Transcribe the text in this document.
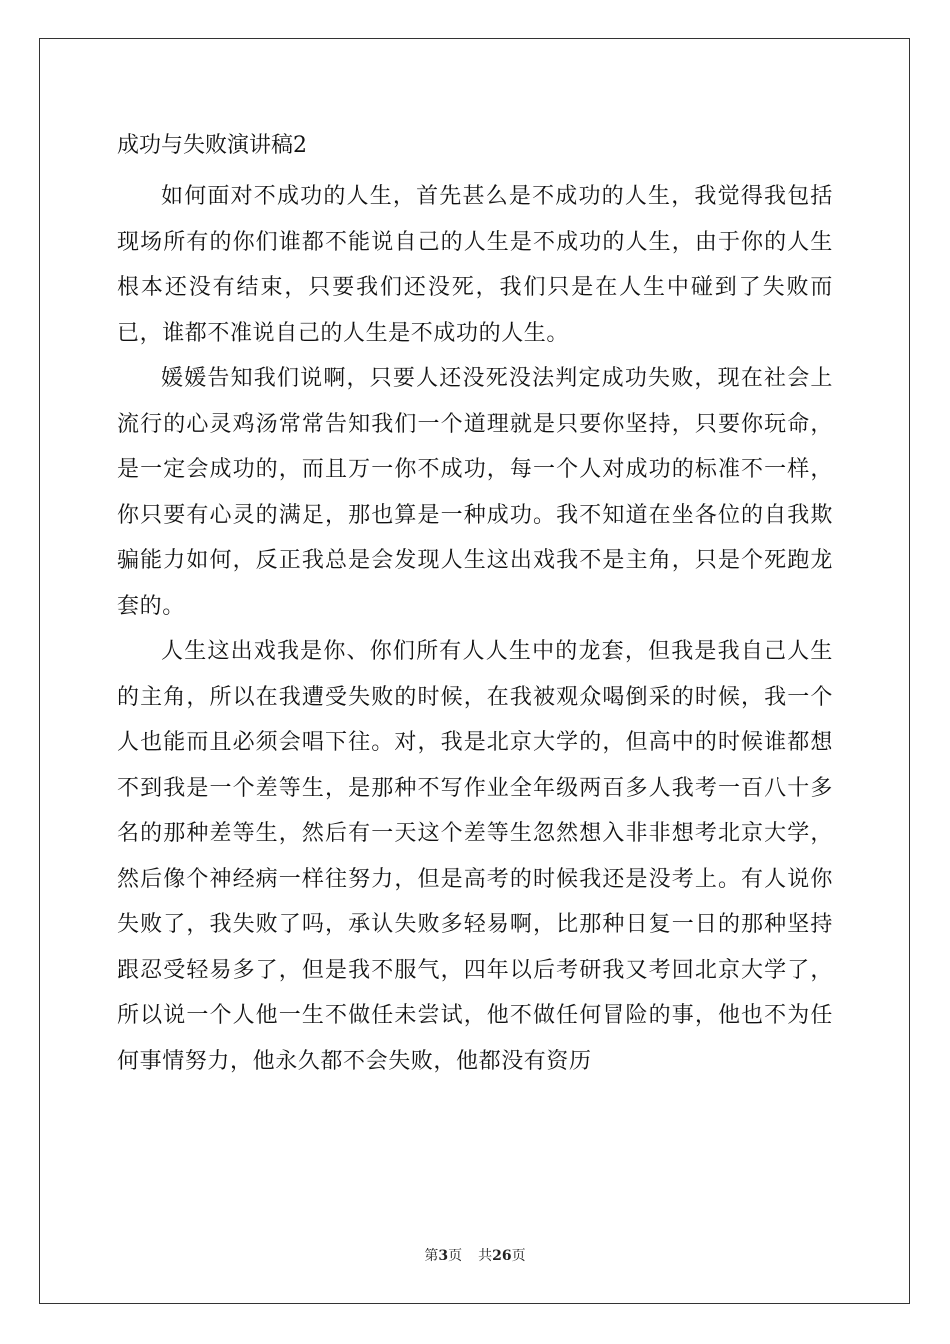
成功与失败演讲稿2

如何面对不成功的人生，首先甚么是不成功的人生，我觉得我包括现场所有的你们谁都不能说自己的人生是不成功的人生，由于你的人生根本还没有结束，只要我们还没死，我们只是在人生中碰到了失败而已，谁都不准说自己的人生是不成功的人生。

媛媛告知我们说啊，只要人还没死没法判定成功失败，现在社会上流行的心灵鸡汤常常告知我们一个道理就是只要你坚持，只要你玩命，是一定会成功的，而且万一你不成功，每一个人对成功的标准不一样，你只要有心灵的满足，那也算是一种成功。我不知道在坐各位的自我欺骗能力如何，反正我总是会发现人生这出戏我不是主角，只是个死跑龙套的。

人生这出戏我是你、你们所有人人生中的龙套，但我是我自己人生的主角，所以在我遭受失败的时候，在我被观众喝倒采的时候，我一个人也能而且必须会唱下往。对，我是北京大学的，但高中的时候谁都想不到我是一个差等生，是那种不写作业全年级两百多人我考一百八十多名的那种差等生，然后有一天这个差等生忽然想入非非想考北京大学，然后像个神经病一样往努力，但是高考的时候我还是没考上。有人说你失败了，我失败了吗，承认失败多轻易啊，比那种日复一日的那种坚持跟忍受轻易多了，但是我不服气，四年以后考研我又考回北京大学了，所以说一个人他一生不做任未尝试，他不做任何冒险的事，他也不为任何事情努力，他永久都不会失败，他都没有资历

第3页 共26页
